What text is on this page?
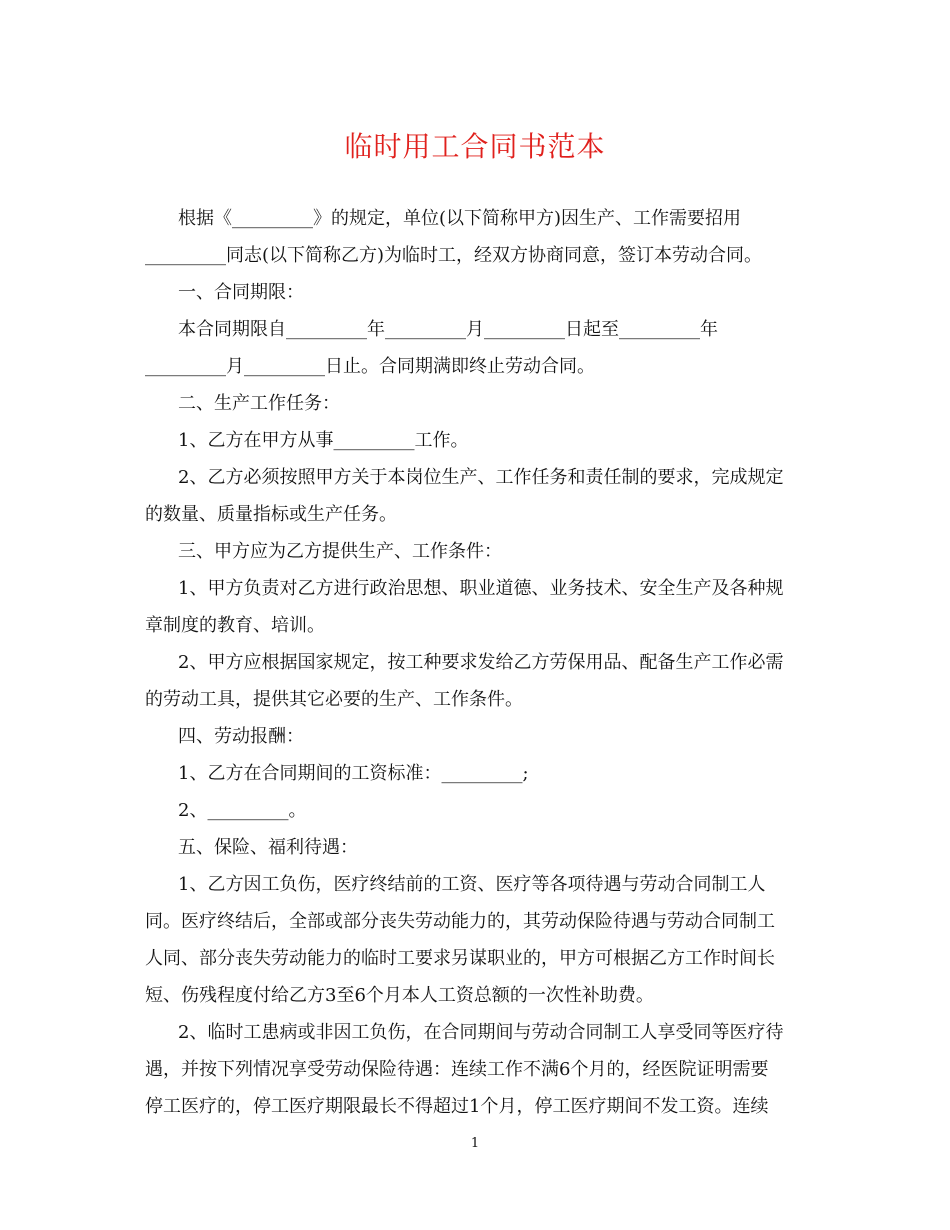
临时用工合同书范本
根据《_________》的规定，单位(以下简称甲方)因生产、工作需要招用
_________同志(以下简称乙方)为临时工，经双方协商同意，签订本劳动合同。
一、合同期限：
本合同期限自_________年_________月_________日起至_________年
_________月_________日止。合同期满即终止劳动合同。
二、生产工作任务：
1、乙方在甲方从事_________工作。
2、乙方必须按照甲方关于本岗位生产、工作任务和责任制的要求，完成规定
的数量、质量指标或生产任务。
三、甲方应为乙方提供生产、工作条件：
1、甲方负责对乙方进行政治思想、职业道德、业务技术、安全生产及各种规
章制度的教育、培训。
2、甲方应根据国家规定，按工种要求发给乙方劳保用品、配备生产工作必需
的劳动工具，提供其它必要的生产、工作条件。
四、劳动报酬：
1、乙方在合同期间的工资标准：_________;
2、_________。
五、保险、福利待遇：
1、乙方因工负伤，医疗终结前的工资、医疗等各项待遇与劳动合同制工人
同。医疗终结后，全部或部分丧失劳动能力的，其劳动保险待遇与劳动合同制工
人同、部分丧失劳动能力的临时工要求另谋职业的，甲方可根据乙方工作时间长
短、伤残程度付给乙方3至6个月本人工资总额的一次性补助费。
2、临时工患病或非因工负伤，在合同期间与劳动合同制工人享受同等医疗待
遇，并按下列情况享受劳动保险待遇：连续工作不满6个月的，经医院证明需要
停工医疗的，停工医疗期限最长不得超过1个月，停工医疗期间不发工资。连续
1
